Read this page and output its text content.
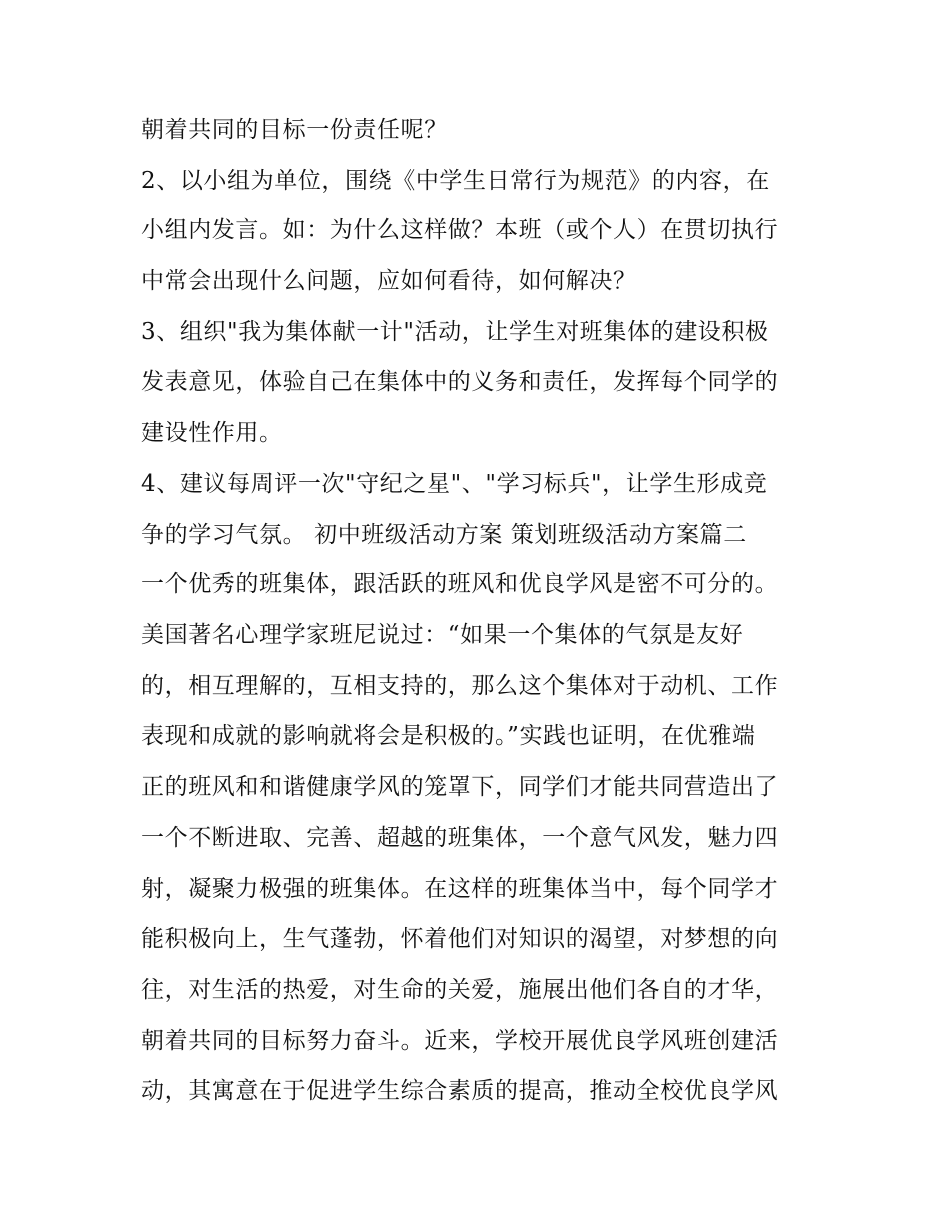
朝着共同的目标一份责任呢？
2、以小组为单位，围绕《中学生日常行为规范》的内容，在
小组内发言。如：为什么这样做？本班（或个人）在贯切执行
中常会出现什么问题，应如何看待，如何解决？
3、组织"我为集体献一计"活动，让学生对班集体的建设积极
发表意见，体验自己在集体中的义务和责任，发挥每个同学的
建设性作用。
4、建议每周评一次"守纪之星"、"学习标兵"，让学生形成竞
争的学习气氛。 初中班级活动方案 策划班级活动方案篇二
一个优秀的班集体，跟活跃的班风和优良学风是密不可分的。
美国著名心理学家班尼说过：“如果一个集体的气氛是友好
的，相互理解的，互相支持的，那么这个集体对于动机、工作
表现和成就的影响就将会是积极的。”实践也证明，在优雅端
正的班风和和谐健康学风的笼罩下，同学们才能共同营造出了
一个不断进取、完善、超越的班集体，一个意气风发，魅力四
射，凝聚力极强的班集体。在这样的班集体当中，每个同学才
能积极向上，生气蓬勃，怀着他们对知识的渴望，对梦想的向
往，对生活的热爱，对生命的关爱，施展出他们各自的才华，
朝着共同的目标努力奋斗。近来，学校开展优良学风班创建活
动，其寓意在于促进学生综合素质的提高，推动全校优良学风
